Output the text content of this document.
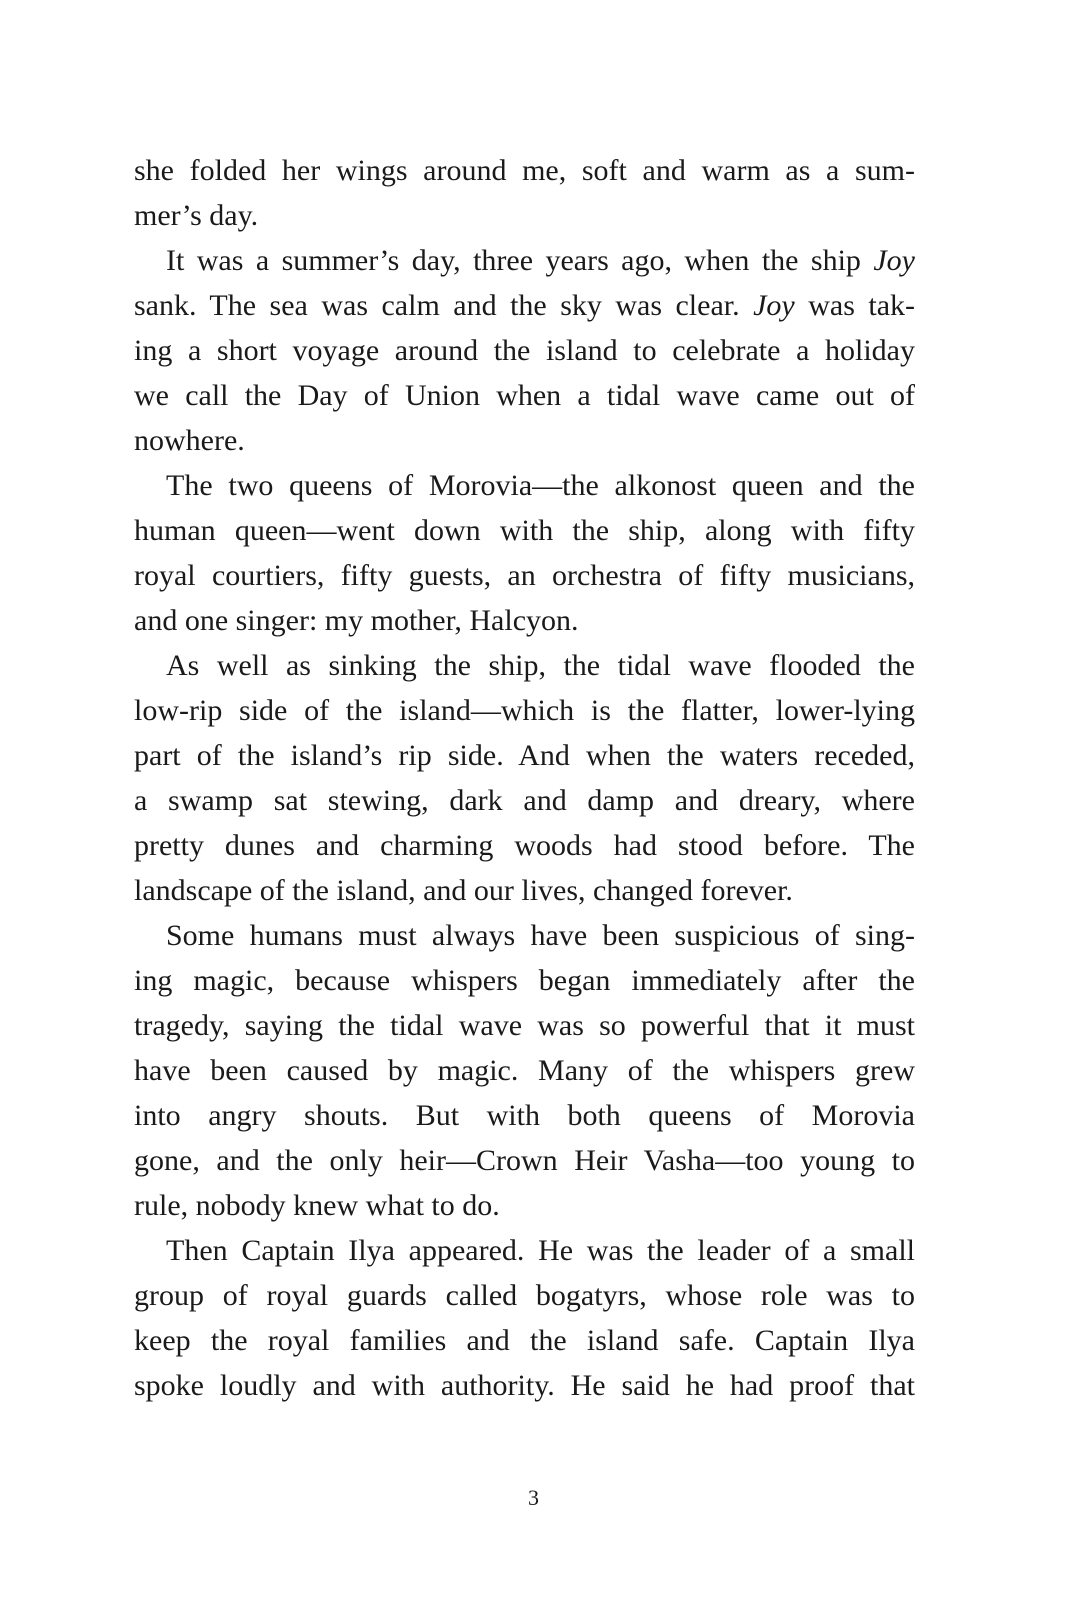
she folded her wings around me, soft and warm as a sum-
mer’s day.
It was a summer’s day, three years ago, when the ship Joy
sank. The sea was calm and the sky was clear. Joy was tak-
ing a short voyage around the island to celebrate a holiday
we call the Day of Union when a tidal wave came out of
nowhere.
The two queens of Morovia—the alkonost queen and the
human queen—went down with the ship, along with fifty
royal courtiers, fifty guests, an orchestra of fifty musicians,
and one singer: my mother, Halcyon.
As well as sinking the ship, the tidal wave flooded the
low-rip side of the island—which is the flatter, lower-lying
part of the island’s rip side. And when the waters receded,
a swamp sat stewing, dark and damp and dreary, where
pretty dunes and charming woods had stood before. The
landscape of the island, and our lives, changed forever.
Some humans must always have been suspicious of sing-
ing magic, because whispers began immediately after the
tragedy, saying the tidal wave was so powerful that it must
have been caused by magic. Many of the whispers grew
into angry shouts. But with both queens of Morovia
gone, and the only heir—Crown Heir Vasha—too young to
rule, nobody knew what to do.
Then Captain Ilya appeared. He was the leader of a small
group of royal guards called bogatyrs, whose role was to
keep the royal families and the island safe. Captain Ilya
spoke loudly and with authority. He said he had proof that
3
